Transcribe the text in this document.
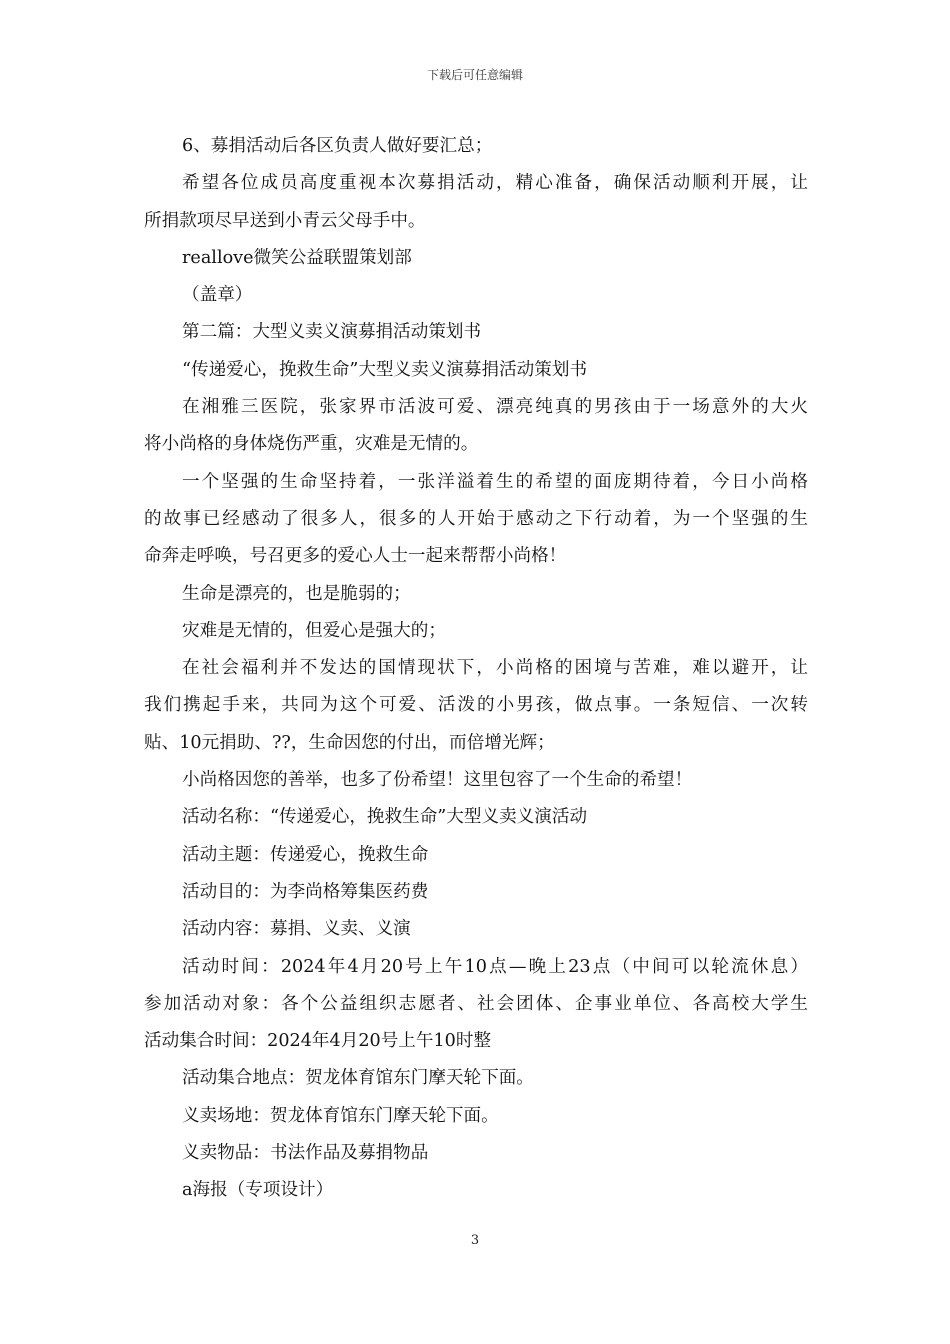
下载后可任意编辑
6、募捐活动后各区负责人做好要汇总；
希望各位成员高度重视本次募捐活动，精心准备，确保活动顺利开展，让
所捐款项尽早送到小青云父母手中。
reallove微笑公益联盟策划部
（盖章）
第二篇：大型义卖义演募捐活动策划书
“传递爱心，挽救生命”大型义卖义演募捐活动策划书
在湘雅三医院，张家界市活波可爱、漂亮纯真的男孩由于一场意外的大火
将小尚格的身体烧伤严重，灾难是无情的。
一个坚强的生命坚持着，一张洋溢着生的希望的面庞期待着，今日小尚格
的故事已经感动了很多人，很多的人开始于感动之下行动着，为一个坚强的生
命奔走呼唤，号召更多的爱心人士一起来帮帮小尚格！
生命是漂亮的，也是脆弱的；
灾难是无情的，但爱心是强大的；
在社会福利并不发达的国情现状下，小尚格的困境与苦难，难以避开，让
我们携起手来，共同为这个可爱、活泼的小男孩，做点事。一条短信、一次转
贴、10元捐助、??，生命因您的付出，而倍增光辉；
小尚格因您的善举，也多了份希望！这里包容了一个生命的希望！
活动名称：“传递爱心，挽救生命”大型义卖义演活动
活动主题：传递爱心，挽救生命
活动目的：为李尚格筹集医药费
活动内容：募捐、义卖、义演
活动时间：2024年4月20号上午10点—晚上23点（中间可以轮流休息）
参加活动对象：各个公益组织志愿者、社会团体、企事业单位、各高校大学生
活动集合时间：2024年4月20号上午10时整
活动集合地点：贺龙体育馆东门摩天轮下面。
义卖场地：贺龙体育馆东门摩天轮下面。
义卖物品：书法作品及募捐物品
a海报（专项设计）
3
